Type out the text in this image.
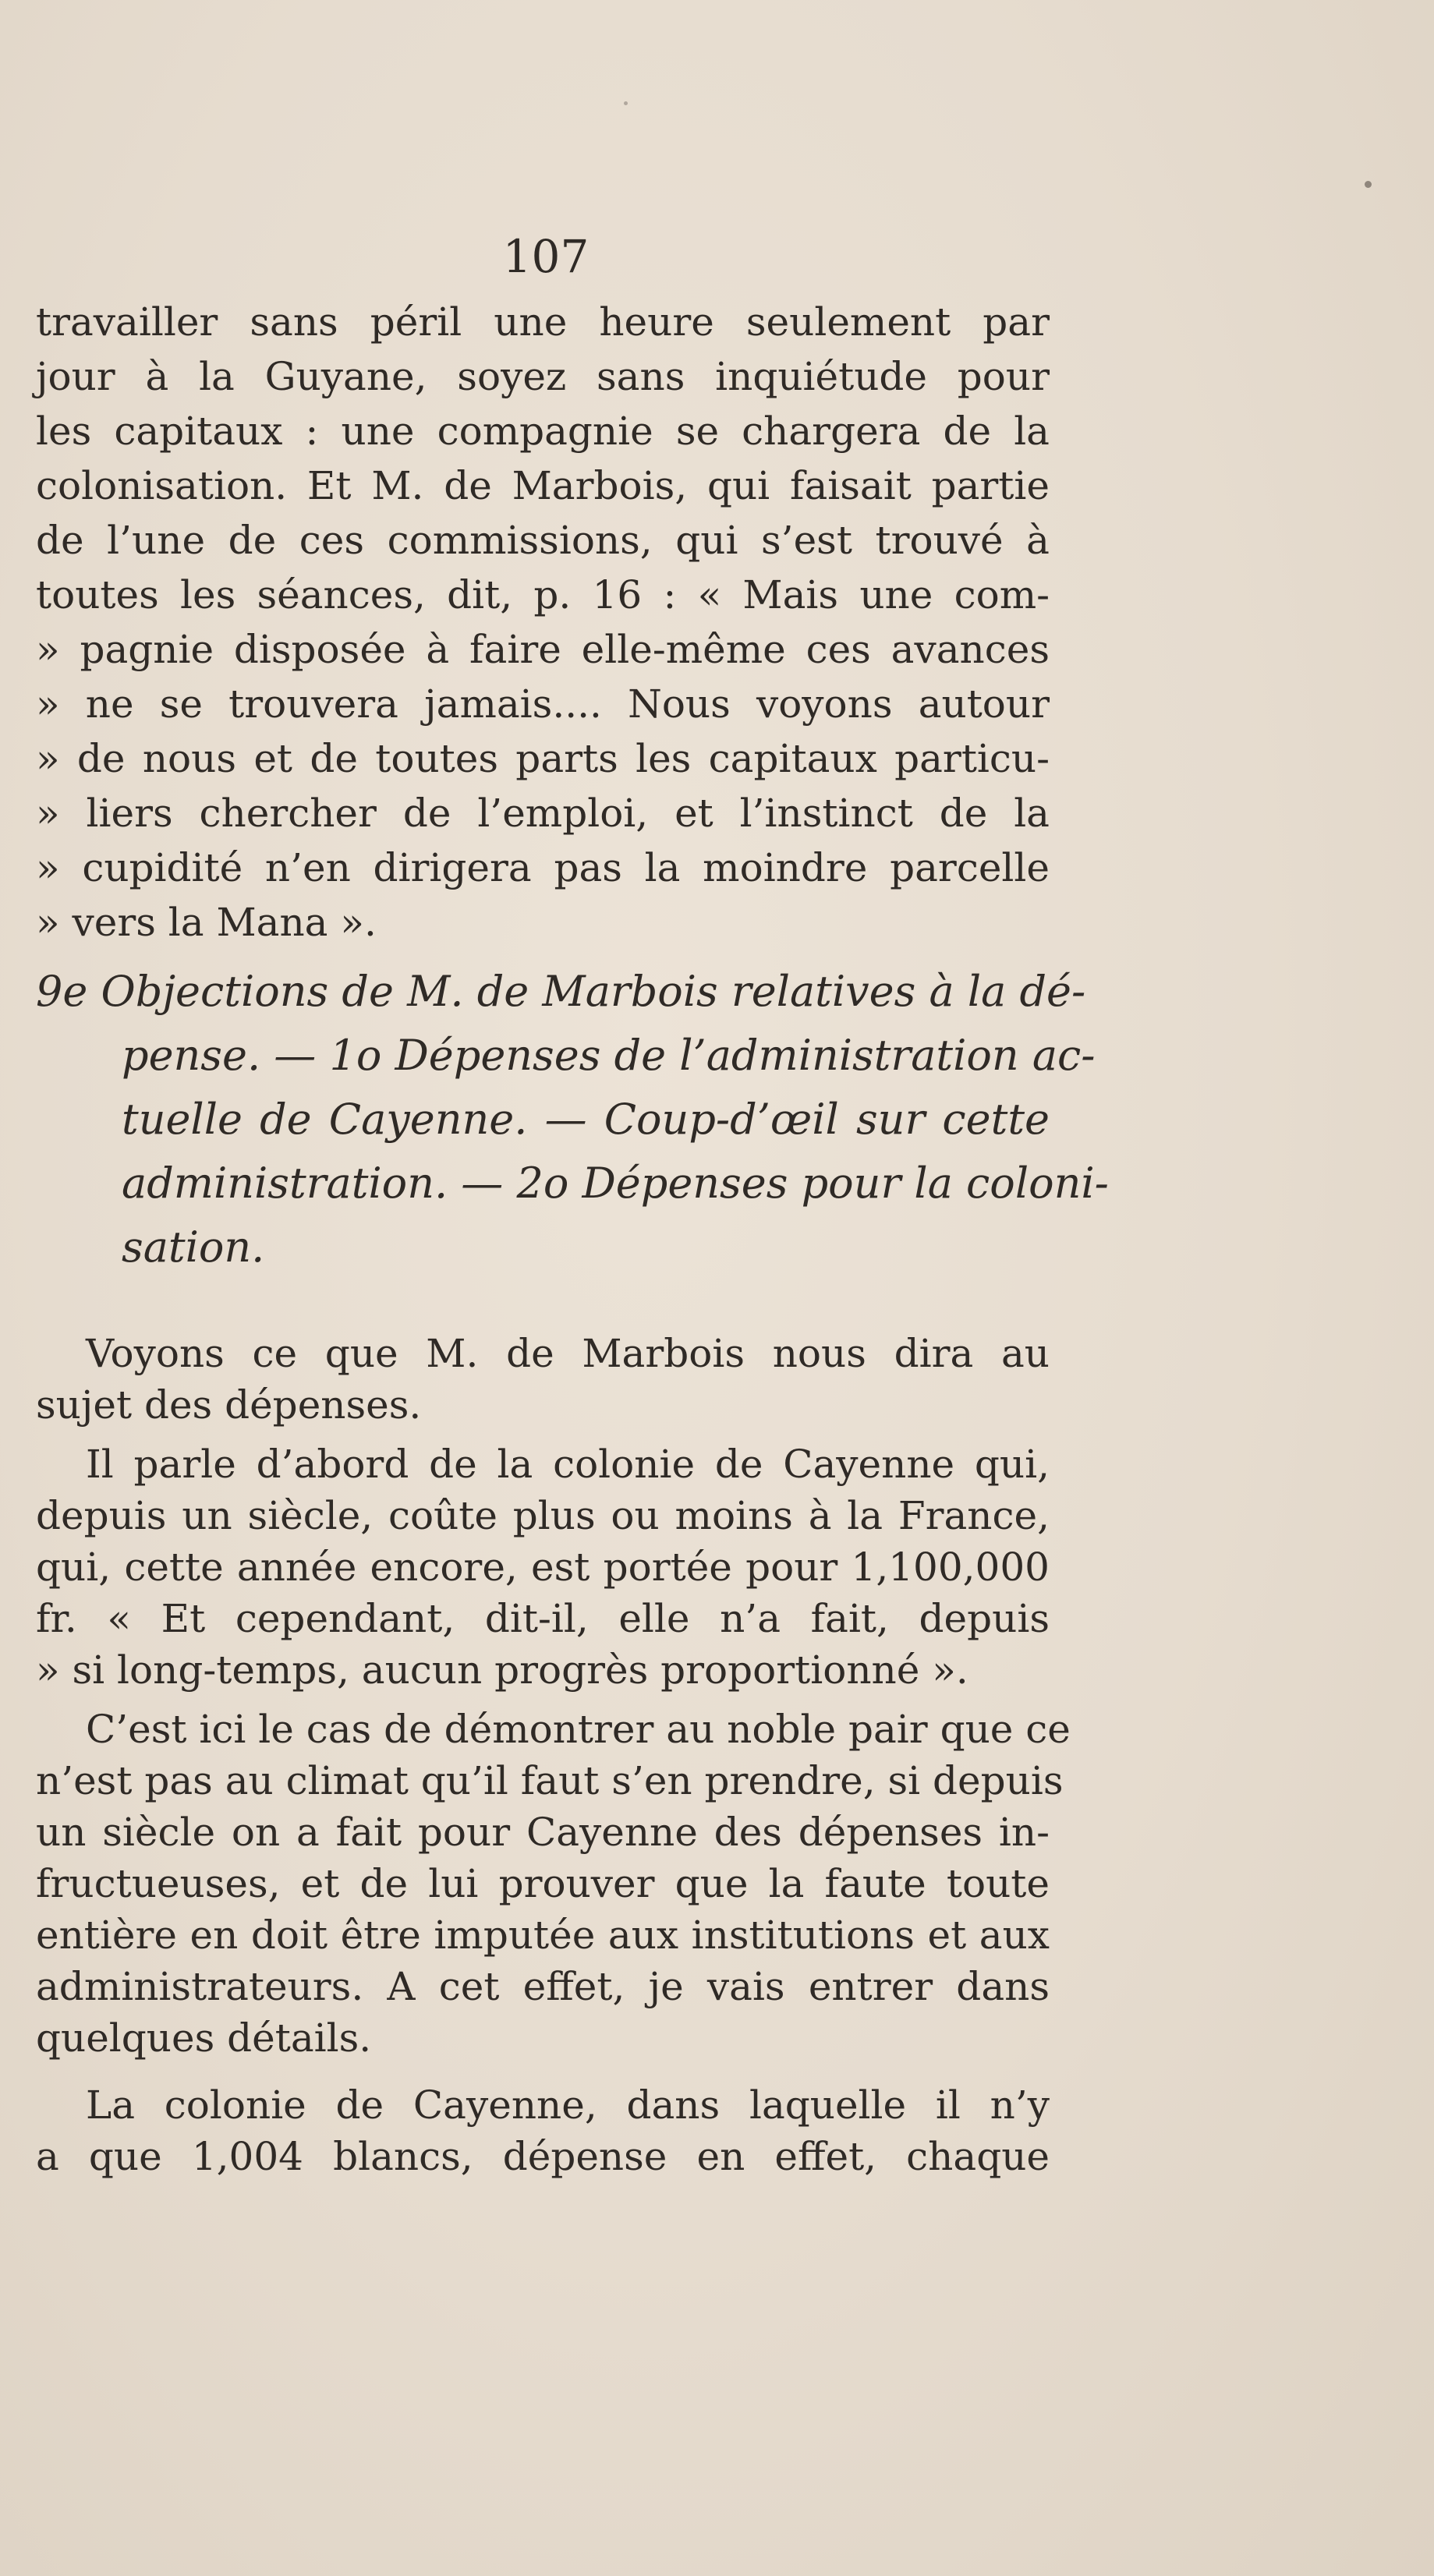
107
travailler sans péril une heure seulement par
jour à la Guyane, soyez sans inquiétude pour
les capitaux : une compagnie se chargera de la
colonisation. Et M. de Marbois, qui faisait partie
de l’une de ces commissions, qui s’est trouvé à
toutes les séances, dit, p. 16 : « Mais une com-
» pagnie disposée à faire elle-même ces avances
» ne se trouvera jamais.... Nous voyons autour
» de nous et de toutes parts les capitaux particu-
» liers chercher de l’emploi, et l’instinct de la
» cupidité n’en dirigera pas la moindre parcelle
» vers la Mana ».
9e Objections de M. de Marbois relatives à la dé-
pense. — 1o Dépenses de l’administration ac-
tuelle de Cayenne. — Coup-d’œil sur cette
administration. — 2o Dépenses pour la coloni-
sation.
Voyons ce que M. de Marbois nous dira au
sujet des dépenses.
Il parle d’abord de la colonie de Cayenne qui,
depuis un siècle, coûte plus ou moins à la France,
qui, cette année encore, est portée pour 1,100,000
fr. « Et cependant, dit-il, elle n’a fait, depuis
» si long-temps, aucun progrès proportionné ».
C’est ici le cas de démontrer au noble pair que ce
n’est pas au climat qu’il faut s’en prendre, si depuis
un siècle on a fait pour Cayenne des dépenses in-
fructueuses, et de lui prouver que la faute toute
entière en doit être imputée aux institutions et aux
administrateurs. A cet effet, je vais entrer dans
quelques détails.
La colonie de Cayenne, dans laquelle il n’y
a que 1,004 blancs, dépense en effet, chaque
